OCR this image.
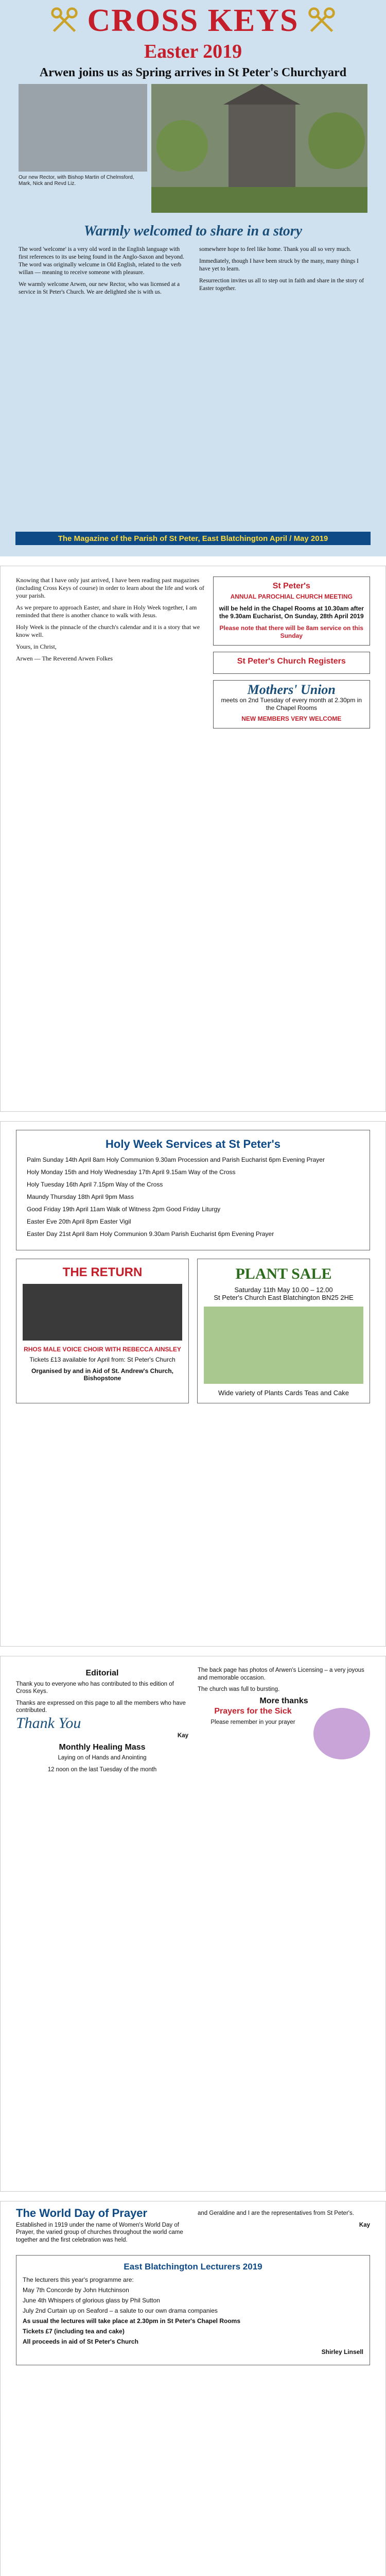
CROSS KEYS
Easter 2019
Arwen joins us as Spring arrives in St Peter's Churchyard
Our new Rector, with Bishop Martin of Chelmsford, Mark, Nick and Revd Liz.
Warmly welcomed to share in a story

The word 'welcome' is a very old word in the English language with first references to its use being found in the Anglo-Saxon and beyond. The word was originally welcume in Old English, related to the verb willan — meaning to receive someone with pleasure.

We warmly welcome Arwen, our new Rector, who was licensed at a service in St Peter's Church. We are delighted she is with us.

somewhere hope to feel like home. Thank you all so very much.

Immediately, though I have been struck by the many, many things I have yet to learn.

Resurrection invites us all to step out in faith and share in the story of Easter together.

The Magazine of the Parish of St Peter, East Blatchington April / May 2019

Knowing that I have only just arrived, I have been reading past magazines (including Cross Keys of course) in order to learn about the life and work of your parish.

As we prepare to approach Easter, and share in Holy Week together, I am reminded that there is another chance to walk with Jesus.

Holy Week is the pinnacle of the church's calendar and it is a story that we know well.

Yours, in Christ,

Arwen — The Reverend Arwen Folkes

St Peter's
ANNUAL PAROCHIAL CHURCH MEETING

will be held in the Chapel Rooms at 10.30am after the 9.30am Eucharist, On Sunday, 28th April 2019

Please note that there will be 8am service on this Sunday

St Peter's Church Registers
Mothers' Union

meets on 2nd Tuesday of every month at 2.30pm in the Chapel Rooms

NEW MEMBERS VERY WELCOME

Holy Week Services at St Peter's

Palm Sunday 14th April 8am Holy Communion 9.30am Procession and Parish Eucharist 6pm Evening Prayer

Holy Monday 15th and Holy Wednesday 17th April 9.15am Way of the Cross

Holy Tuesday 16th April 7.15pm Way of the Cross

Maundy Thursday 18th April 9pm Mass

Good Friday 19th April 11am Walk of Witness 2pm Good Friday Liturgy

Easter Eve 20th April 8pm Easter Vigil

Easter Day 21st April 8am Holy Communion 9.30am Parish Eucharist 6pm Evening Prayer

THE RETURN
RHOS MALE VOICE CHOIR WITH REBECCA AINSLEY

Tickets £13 available for April from: St Peter's Church

Organised by and in Aid of St. Andrew's Church, Bishopstone

PLANT SALE

Saturday 11th May 10.00 – 12.00

St Peter's Church East Blatchington BN25 2HE

Wide variety of Plants Cards Teas and Cake

Editorial

Thank you to everyone who has contributed to this edition of Cross Keys.

Thanks are expressed on this page to all the members who have contributed.

Thank You

Kay

Monthly Healing Mass

Laying on of Hands and Anointing

12 noon on the last Tuesday of the month

The back page has photos of Arwen's Licensing – a very joyous and memorable occasion.

The church was full to bursting.

More thanks
Prayers for the Sick

Please remember in your prayer

The World Day of Prayer

Established in 1919 under the name of Women's World Day of Prayer, the varied group of churches throughout the world came together and the first celebration was held.

and Geraldine and I are the representatives from St Peter's.

Kay

East Blatchington Lecturers 2019

The lecturers this year's programme are:

May 7th Concorde by John Hutchinson

June 4th Whispers of glorious glass by Phil Sutton

July 2nd Curtain up on Seaford – a salute to our own drama companies

As usual the lectures will take place at 2.30pm in St Peter's Chapel Rooms

Tickets £7 (including tea and cake)

All proceeds in aid of St Peter's Church

Shirley Linsell
